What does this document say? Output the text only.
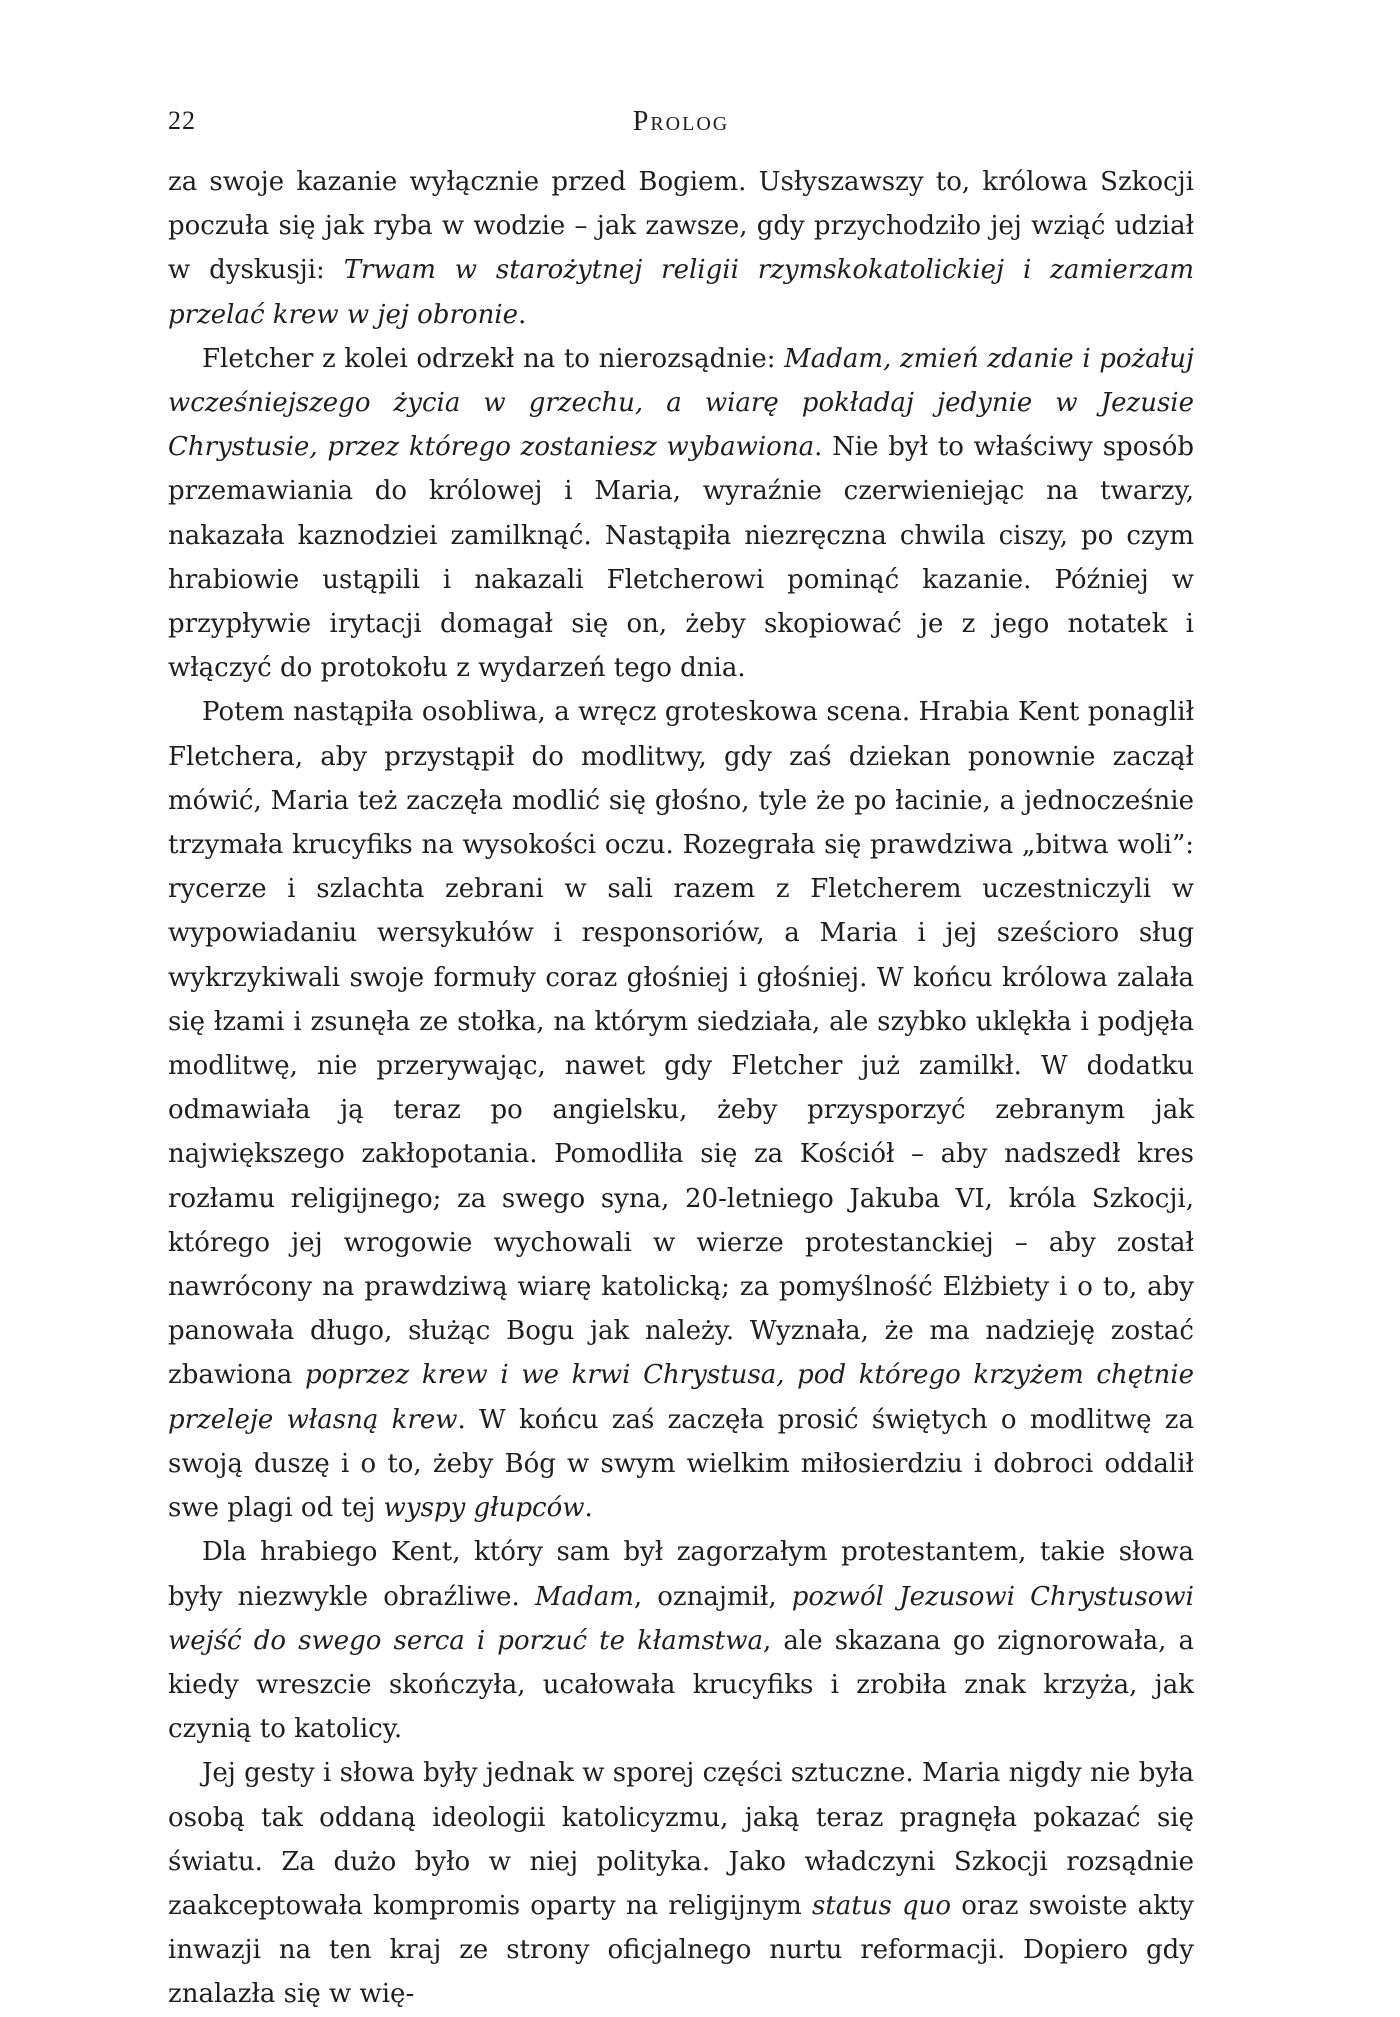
22	Prolog

za swoje kazanie wyłącznie przed Bogiem. Usłyszawszy to, królowa Szkocji poczuła się jak ryba w wodzie – jak zawsze, gdy przychodziło jej wziąć udział w dyskusji: Trwam w starożytnej religii rzymskokatolickiej i zamierzam przelać krew w jej obronie.

Fletcher z kolei odrzekł na to nierozsądnie: Madam, zmień zdanie i pożałuj wcześniejszego życia w grzechu, a wiarę pokładaj jedynie w Jezusie Chrystusie, przez którego zostaniesz wybawiona. Nie był to właściwy sposób przemawiania do królowej i Maria, wyraźnie czerwieniejąc na twarzy, nakazała kaznodziei zamilknąć. Nastąpiła niezręczna chwila ciszy, po czym hrabiowie ustąpili i nakazali Fletcherowi pominąć kazanie. Później w przypływie irytacji domagał się on, żeby skopiować je z jego notatek i włączyć do protokołu z wydarzeń tego dnia.

Potem nastąpiła osobliwa, a wręcz groteskowa scena. Hrabia Kent ponaglił Fletchera, aby przystąpił do modlitwy, gdy zaś dziekan ponownie zaczął mówić, Maria też zaczęła modlić się głośno, tyle że po łacinie, a jednocześnie trzymała krucyfiks na wysokości oczu. Rozegrała się prawdziwa „bitwa woli”: rycerze i szlachta zebrani w sali razem z Fletcherem uczestniczyli w wypowiadaniu wersykułów i responsoriów, a Maria i jej sześcioro sług wykrzykiwali swoje formuły coraz głośniej i głośniej. W końcu królowa zalała się łzami i zsunęła ze stołka, na którym siedziała, ale szybko uklękła i podjęła modlitwę, nie przerywając, nawet gdy Fletcher już zamilkł. W dodatku odmawiała ją teraz po angielsku, żeby przysporzyć zebranym jak największego zakłopotania. Pomodliła się za Kościół – aby nadszedł kres rozłamu religijnego; za swego syna, 20-letniego Jakuba VI, króla Szkocji, którego jej wrogowie wychowali w wierze protestanckiej – aby został nawrócony na prawdziwą wiarę katolicką; za pomyślność Elżbiety i o to, aby panowała długo, służąc Bogu jak należy. Wyznała, że ma nadzieję zostać zbawiona poprzez krew i we krwi Chrystusa, pod którego krzyżem chętnie przeleje własną krew. W końcu zaś zaczęła prosić świętych o modlitwę za swoją duszę i o to, żeby Bóg w swym wielkim miłosierdziu i dobroci oddalił swe plagi od tej wyspy głupców.

Dla hrabiego Kent, który sam był zagorzałym protestantem, takie słowa były niezwykle obraźliwe. Madam, oznajmił, pozwól Jezusowi Chrystusowi wejść do swego serca i porzuć te kłamstwa, ale skazana go zignorowała, a kiedy wreszcie skończyła, ucałowała krucyfiks i zrobiła znak krzyża, jak czynią to katolicy.

Jej gesty i słowa były jednak w sporej części sztuczne. Maria nigdy nie była osobą tak oddaną ideologii katolicyzmu, jaką teraz pragnęła pokazać się światu. Za dużo było w niej polityka. Jako władczyni Szkocji rozsądnie zaakceptowała kompromis oparty na religijnym status quo oraz swoiste akty inwazji na ten kraj ze strony oficjalnego nurtu reformacji. Dopiero gdy znalazła się w wię-
